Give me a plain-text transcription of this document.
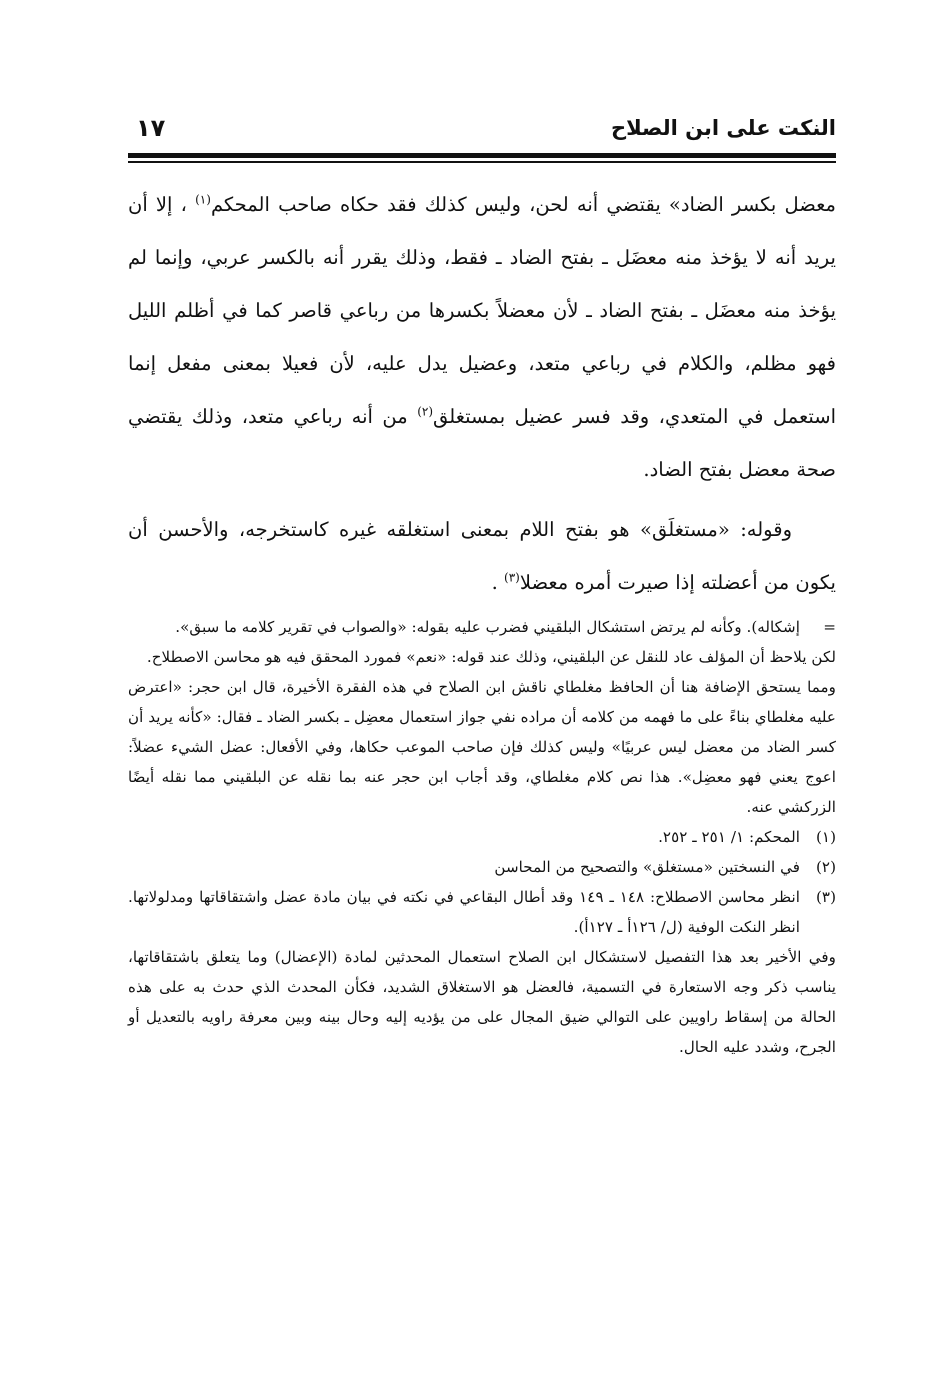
النكت على ابن الصلاح
١٧

معضل بكسر الضاد» يقتضي أنه لحن، وليس كذلك فقد حكاه صاحب المحكم$^{(١)}$ ، إلا أن يريد أنه لا يؤخذ منه معضَل ـ بفتح الضاد ـ فقط، وذلك يقرر أنه بالكسر عربي، وإنما لم يؤخذ منه معضَل ـ بفتح الضاد ـ لأن معضلاً بكسرها من رباعي قاصر كما في أظلم الليل فهو مظلم، والكلام في رباعي متعد، وعضيل يدل عليه، لأن فعيلا بمعنى مفعل إنما استعمل في المتعدي، وقد فسر عضيل بمستغلق$^{(٢)}$ من أنه رباعي متعد، وذلك يقتضي صحة معضل بفتح الضاد.

وقوله: «مستغلَق» هو بفتح اللام بمعنى استغلقه غيره كاستخرجه، والأحسن أن يكون من أعضلته إذا صيرت أمره معضلا$^{(٣)}$ .

=

إشكاله). وكأنه لم يرتض استشكال البلقيني فضرب عليه بقوله: «والصواب في تقرير كلامه ما سبق».

لكن يلاحظ أن المؤلف عاد للنقل عن البلقيني، وذلك عند قوله: «نعم» فمورد المحقق فيه هو محاسن الاصطلاح.

ومما يستحق الإضافة هنا أن الحافظ مغلطاي ناقش ابن الصلاح في هذه الفقرة الأخيرة، قال ابن حجر: «اعترض عليه مغلطاي بناءً على ما فهمه من كلامه أن مراده نفي جواز استعمال معضِل ـ بكسر الضاد ـ فقال: «كأنه يريد أن كسر الضاد من معضل ليس عربيًا» وليس كذلك فإن صاحب الموعب حكاها، وفي الأفعال: عضل الشيء عضلاً: اعوج يعني فهو معضِل». هذا نص كلام مغلطاي، وقد أجاب ابن حجر عنه بما نقله عن البلقيني مما نقله أيضًا الزركشي عنه.

(١)

المحكم: ١/ ٢٥١ ـ ٢٥٢.

(٢)

في النسختين «مستغلق» والتصحيح من المحاسن

(٣)

انظر محاسن الاصطلاح: ١٤٨ ـ ١٤٩ وقد أطال البقاعي في نكته في بيان مادة عضل واشتقاقاتها ومدلولاتها. انظر النكت الوفية (ل/ ١٢٦أ ـ ١٢٧أ).

وفي الأخير بعد هذا التفصيل لاستشكال ابن الصلاح استعمال المحدثين لمادة (الإعضال) وما يتعلق باشتقاقاتها، يناسب ذكر وجه الاستعارة في التسمية، فالعضل هو الاستغلاق الشديد، فكأن المحدث الذي حدث به على هذه الحالة من إسقاط راويين على التوالي ضيق المجال على من يؤديه إليه وحال بينه وبين معرفة راويه بالتعديل أو الجرح، وشدد عليه الحال.
